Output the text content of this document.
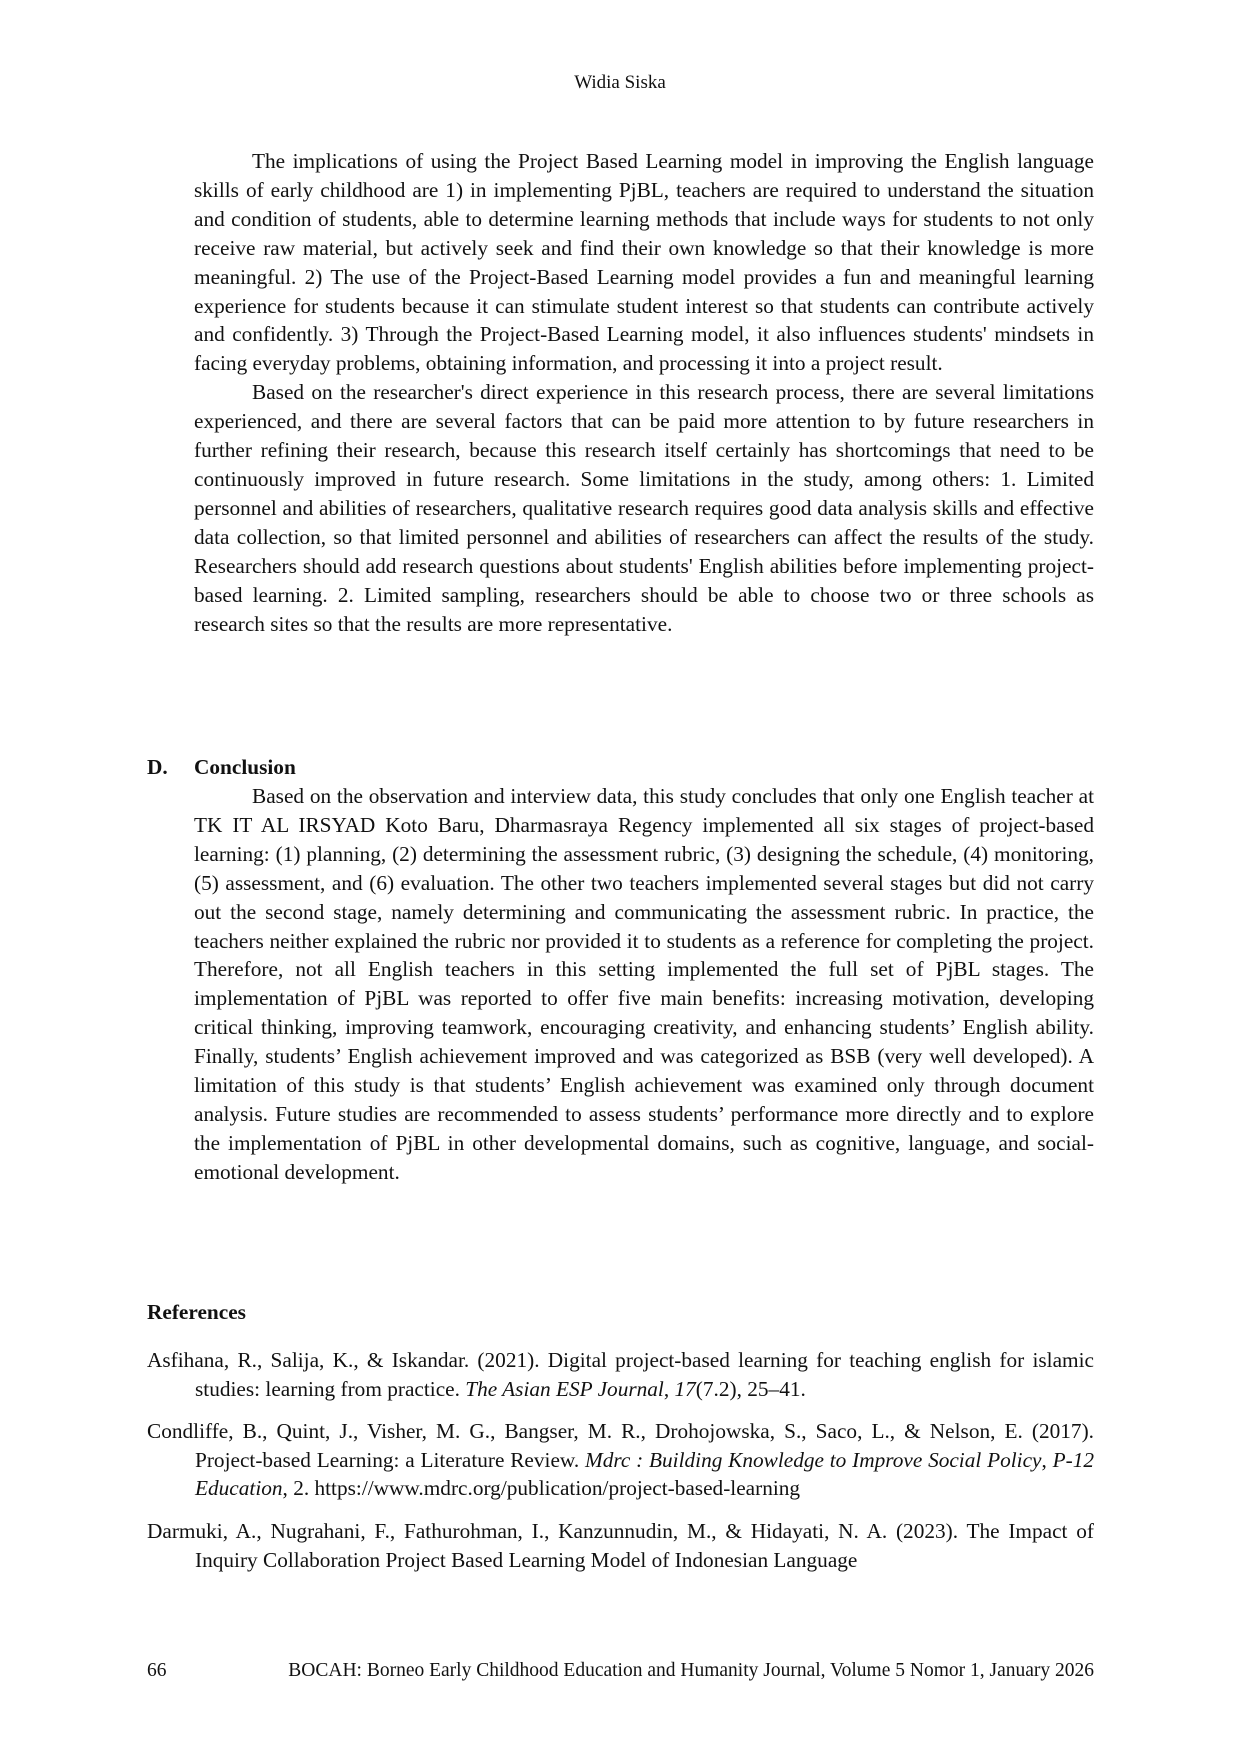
Widia Siska

The implications of using the Project Based Learning model in improving the English language skills of early childhood are 1) in implementing PjBL, teachers are required to understand the situation and condition of students, able to determine learning methods that include ways for students to not only receive raw material, but actively seek and find their own knowledge so that their knowledge is more meaningful. 2) The use of the Project-Based Learning model provides a fun and meaningful learning experience for students because it can stimulate student interest so that students can contribute actively and confidently. 3) Through the Project-Based Learning model, it also influences students' mindsets in facing everyday problems, obtaining information, and processing it into a project result.

Based on the researcher's direct experience in this research process, there are several limitations experienced, and there are several factors that can be paid more attention to by future researchers in further refining their research, because this research itself certainly has shortcomings that need to be continuously improved in future research. Some limitations in the study, among others: 1. Limited personnel and abilities of researchers, qualitative research requires good data analysis skills and effective data collection, so that limited personnel and abilities of researchers can affect the results of the study. Researchers should add research questions about students' English abilities before implementing project-based learning. 2. Limited sampling, researchers should be able to choose two or three schools as research sites so that the results are more representative.

D. Conclusion

Based on the observation and interview data, this study concludes that only one English teacher at TK IT AL IRSYAD Koto Baru, Dharmasraya Regency implemented all six stages of project-based learning: (1) planning, (2) determining the assessment rubric, (3) designing the schedule, (4) monitoring, (5) assessment, and (6) evaluation. The other two teachers implemented several stages but did not carry out the second stage, namely determining and communicating the assessment rubric. In practice, the teachers neither explained the rubric nor provided it to students as a reference for completing the project. Therefore, not all English teachers in this setting implemented the full set of PjBL stages. The implementation of PjBL was reported to offer five main benefits: increasing motivation, developing critical thinking, improving teamwork, encouraging creativity, and enhancing students’ English ability. Finally, students’ English achievement improved and was categorized as BSB (very well developed). A limitation of this study is that students’ English achievement was examined only through document analysis. Future studies are recommended to assess students’ performance more directly and to explore the implementation of PjBL in other developmental domains, such as cognitive, language, and social-emotional development.

References
Asfihana, R., Salija, K., & Iskandar. (2021). Digital project-based learning for teaching english for islamic studies: learning from practice. The Asian ESP Journal, 17(7.2), 25–41.
Condliffe, B., Quint, J., Visher, M. G., Bangser, M. R., Drohojowska, S., Saco, L., & Nelson, E. (2017). Project-based Learning: a Literature Review. Mdrc : Building Knowledge to Improve Social Policy, P-12 Education, 2. https://www.mdrc.org/publication/project-based-learning
Darmuki, A., Nugrahani, F., Fathurohman, I., Kanzunnudin, M., & Hidayati, N. A. (2023). The Impact of Inquiry Collaboration Project Based Learning Model of Indonesian Language
66	BOCAH: Borneo Early Childhood Education and Humanity Journal, Volume 5 Nomor 1, January 2026
